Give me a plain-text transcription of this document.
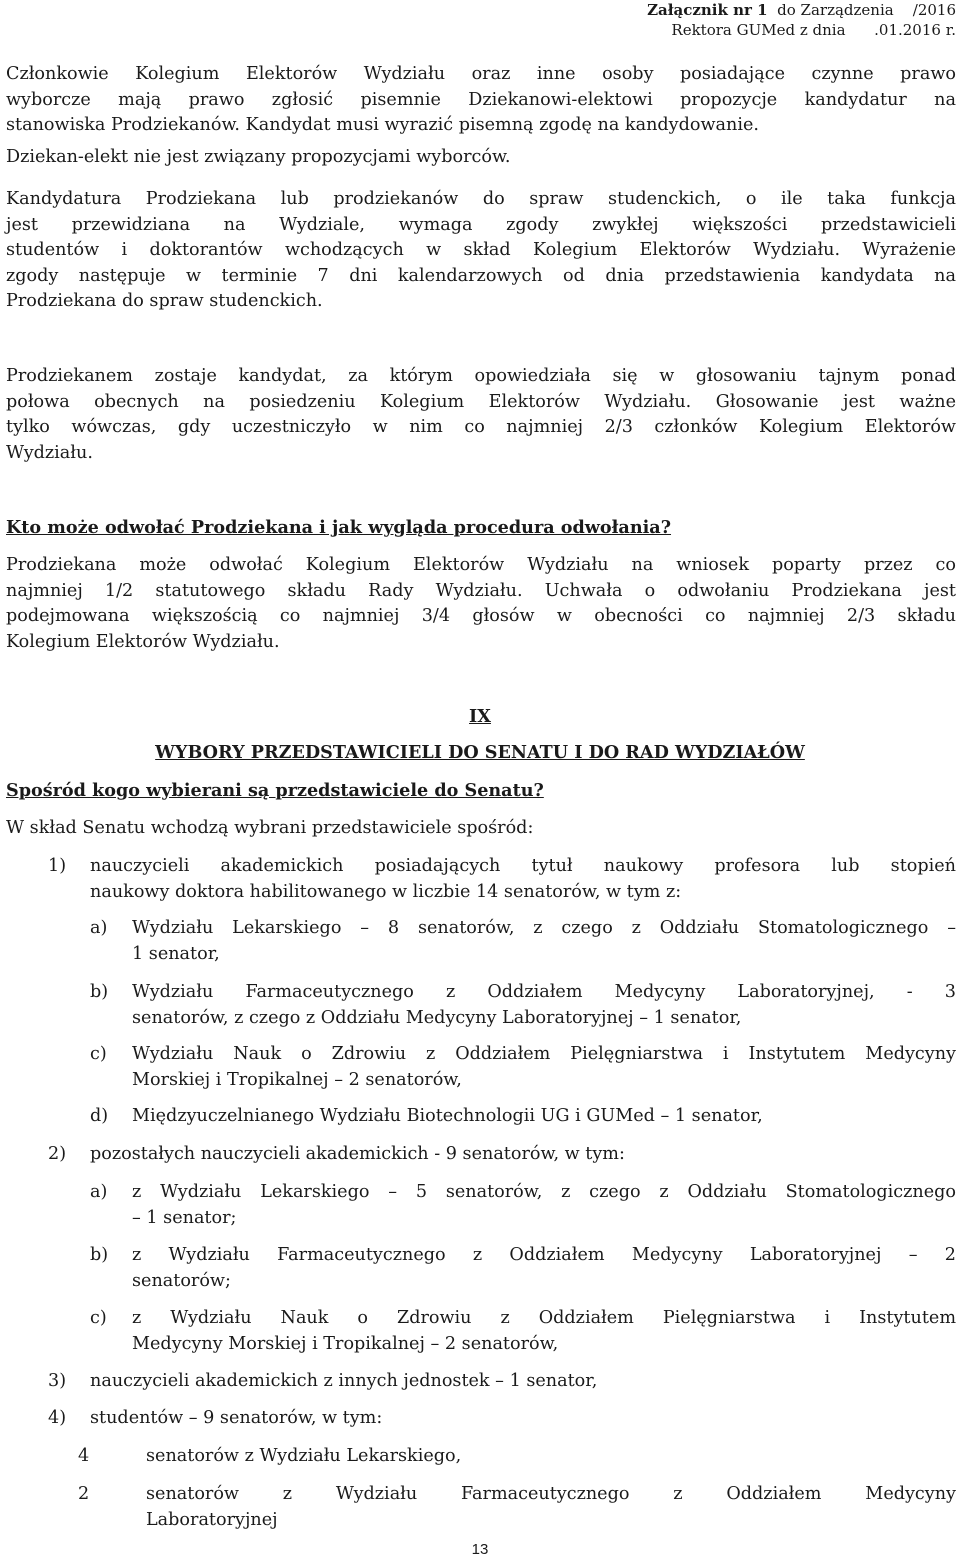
Załącznik nr 1  do Zarządzenia    /2016
Rektora GUMed z dnia      .01.2016 r.
Członkowie Kolegium Elektorów Wydziału oraz inne osoby posiadające czynne prawo
wyborcze mają prawo zgłosić pisemnie Dziekanowi-elektowi propozycje kandydatur na
stanowiska Prodziekanów. Kandydat musi wyrazić pisemną zgodę na kandydowanie.
Dziekan-elekt nie jest związany propozycjami wyborców.
Kandydatura Prodziekana lub prodziekanów do spraw studenckich, o ile taka funkcja
jest przewidziana na Wydziale, wymaga zgody zwykłej większości przedstawicieli
studentów i doktorantów wchodzących w skład Kolegium Elektorów Wydziału. Wyrażenie
zgody następuje w terminie 7 dni kalendarzowych od dnia przedstawienia kandydata na
Prodziekana do spraw studenckich.
Prodziekanem zostaje kandydat, za którym opowiedziała się w głosowaniu tajnym ponad
połowa obecnych na posiedzeniu Kolegium Elektorów Wydziału. Głosowanie jest ważne
tylko wówczas, gdy uczestniczyło w nim co najmniej 2/3 członków Kolegium Elektorów
Wydziału.
Kto może odwołać Prodziekana i jak wygląda procedura odwołania?
Prodziekana może odwołać Kolegium Elektorów Wydziału na wniosek poparty przez co
najmniej 1/2 statutowego składu Rady Wydziału. Uchwała o odwołaniu Prodziekana jest
podejmowana większością co najmniej 3/4 głosów w obecności co najmniej 2/3 składu
Kolegium Elektorów Wydziału.
IX
WYBORY PRZEDSTAWICIELI DO SENATU I DO RAD WYDZIAŁÓW
Spośród kogo wybierani są przedstawiciele do Senatu?
W skład Senatu wchodzą wybrani przedstawiciele spośród:
1) nauczycieli akademickich posiadających tytuł naukowy profesora lub stopień
naukowy doktora habilitowanego w liczbie 14 senatorów, w tym z:
a) Wydziału Lekarskiego – 8 senatorów, z czego z Oddziału Stomatologicznego –
1 senator,
b) Wydziału Farmaceutycznego z Oddziałem Medycyny Laboratoryjnej, - 3
senatorów, z czego z Oddziału Medycyny Laboratoryjnej – 1 senator,
c) Wydziału Nauk o Zdrowiu z Oddziałem Pielęgniarstwa i Instytutem Medycyny
Morskiej i Tropikalnej – 2 senatorów,
d) Międzyuczelnianego Wydziału Biotechnologii UG i GUMed – 1 senator,
2) pozostałych nauczycieli akademickich - 9 senatorów, w tym:
a) z Wydziału Lekarskiego – 5 senatorów, z czego z Oddziału Stomatologicznego
– 1 senator;
b) z Wydziału Farmaceutycznego z Oddziałem Medycyny Laboratoryjnej – 2
senatorów;
c) z Wydziału Nauk o Zdrowiu z Oddziałem Pielęgniarstwa i Instytutem
Medycyny Morskiej i Tropikalnej – 2 senatorów,
3) nauczycieli akademickich z innych jednostek – 1 senator,
4) studentów – 9 senatorów, w tym:
4	senatorów z Wydziału Lekarskiego,
2	senatorów z Wydziału Farmaceutycznego z Oddziałem Medycyny
Laboratoryjnej
13
